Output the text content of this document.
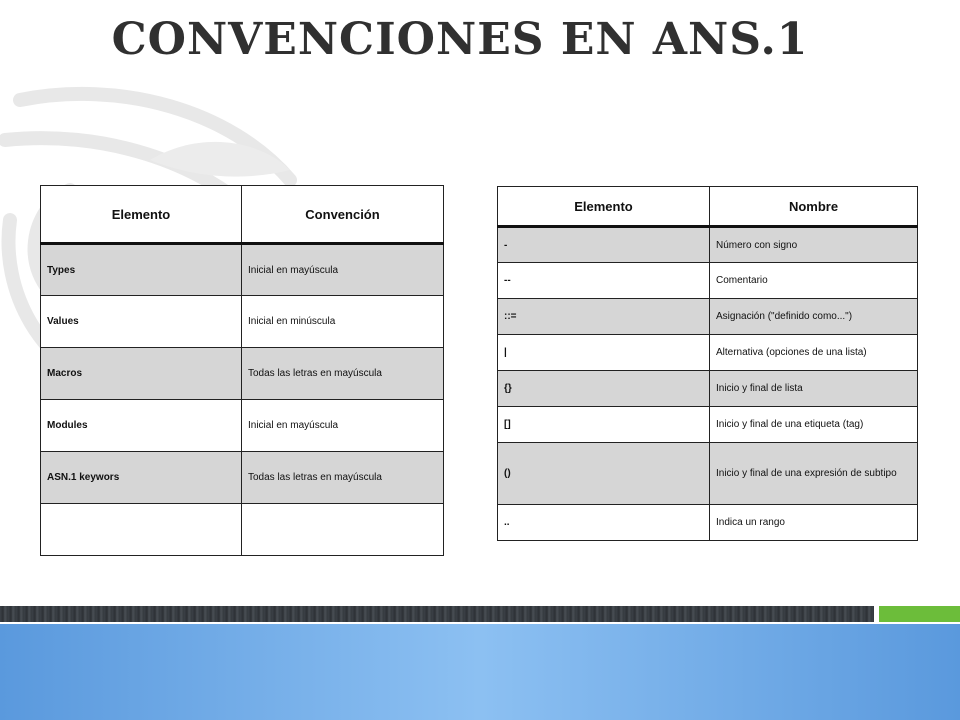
CONVENCIONES EN ANS.1
Elemento	Convención
Types	Inicial en mayúscula
Values	Inicial en minúscula
Macros	Todas las letras en mayúscula
Modules	Inicial en mayúscula
ASN.1 keywors	Todas las letras en mayúscula

Elemento	Nombre
-	Número con signo
--	Comentario
::=	Asignación ("definido como...")
|	Alternativa (opciones de una lista)
{}	Inicio y final de lista
[]	Inicio y final de una etiqueta (tag)
()	Inicio y final de una expresión de subtipo
..	Indica un rango
